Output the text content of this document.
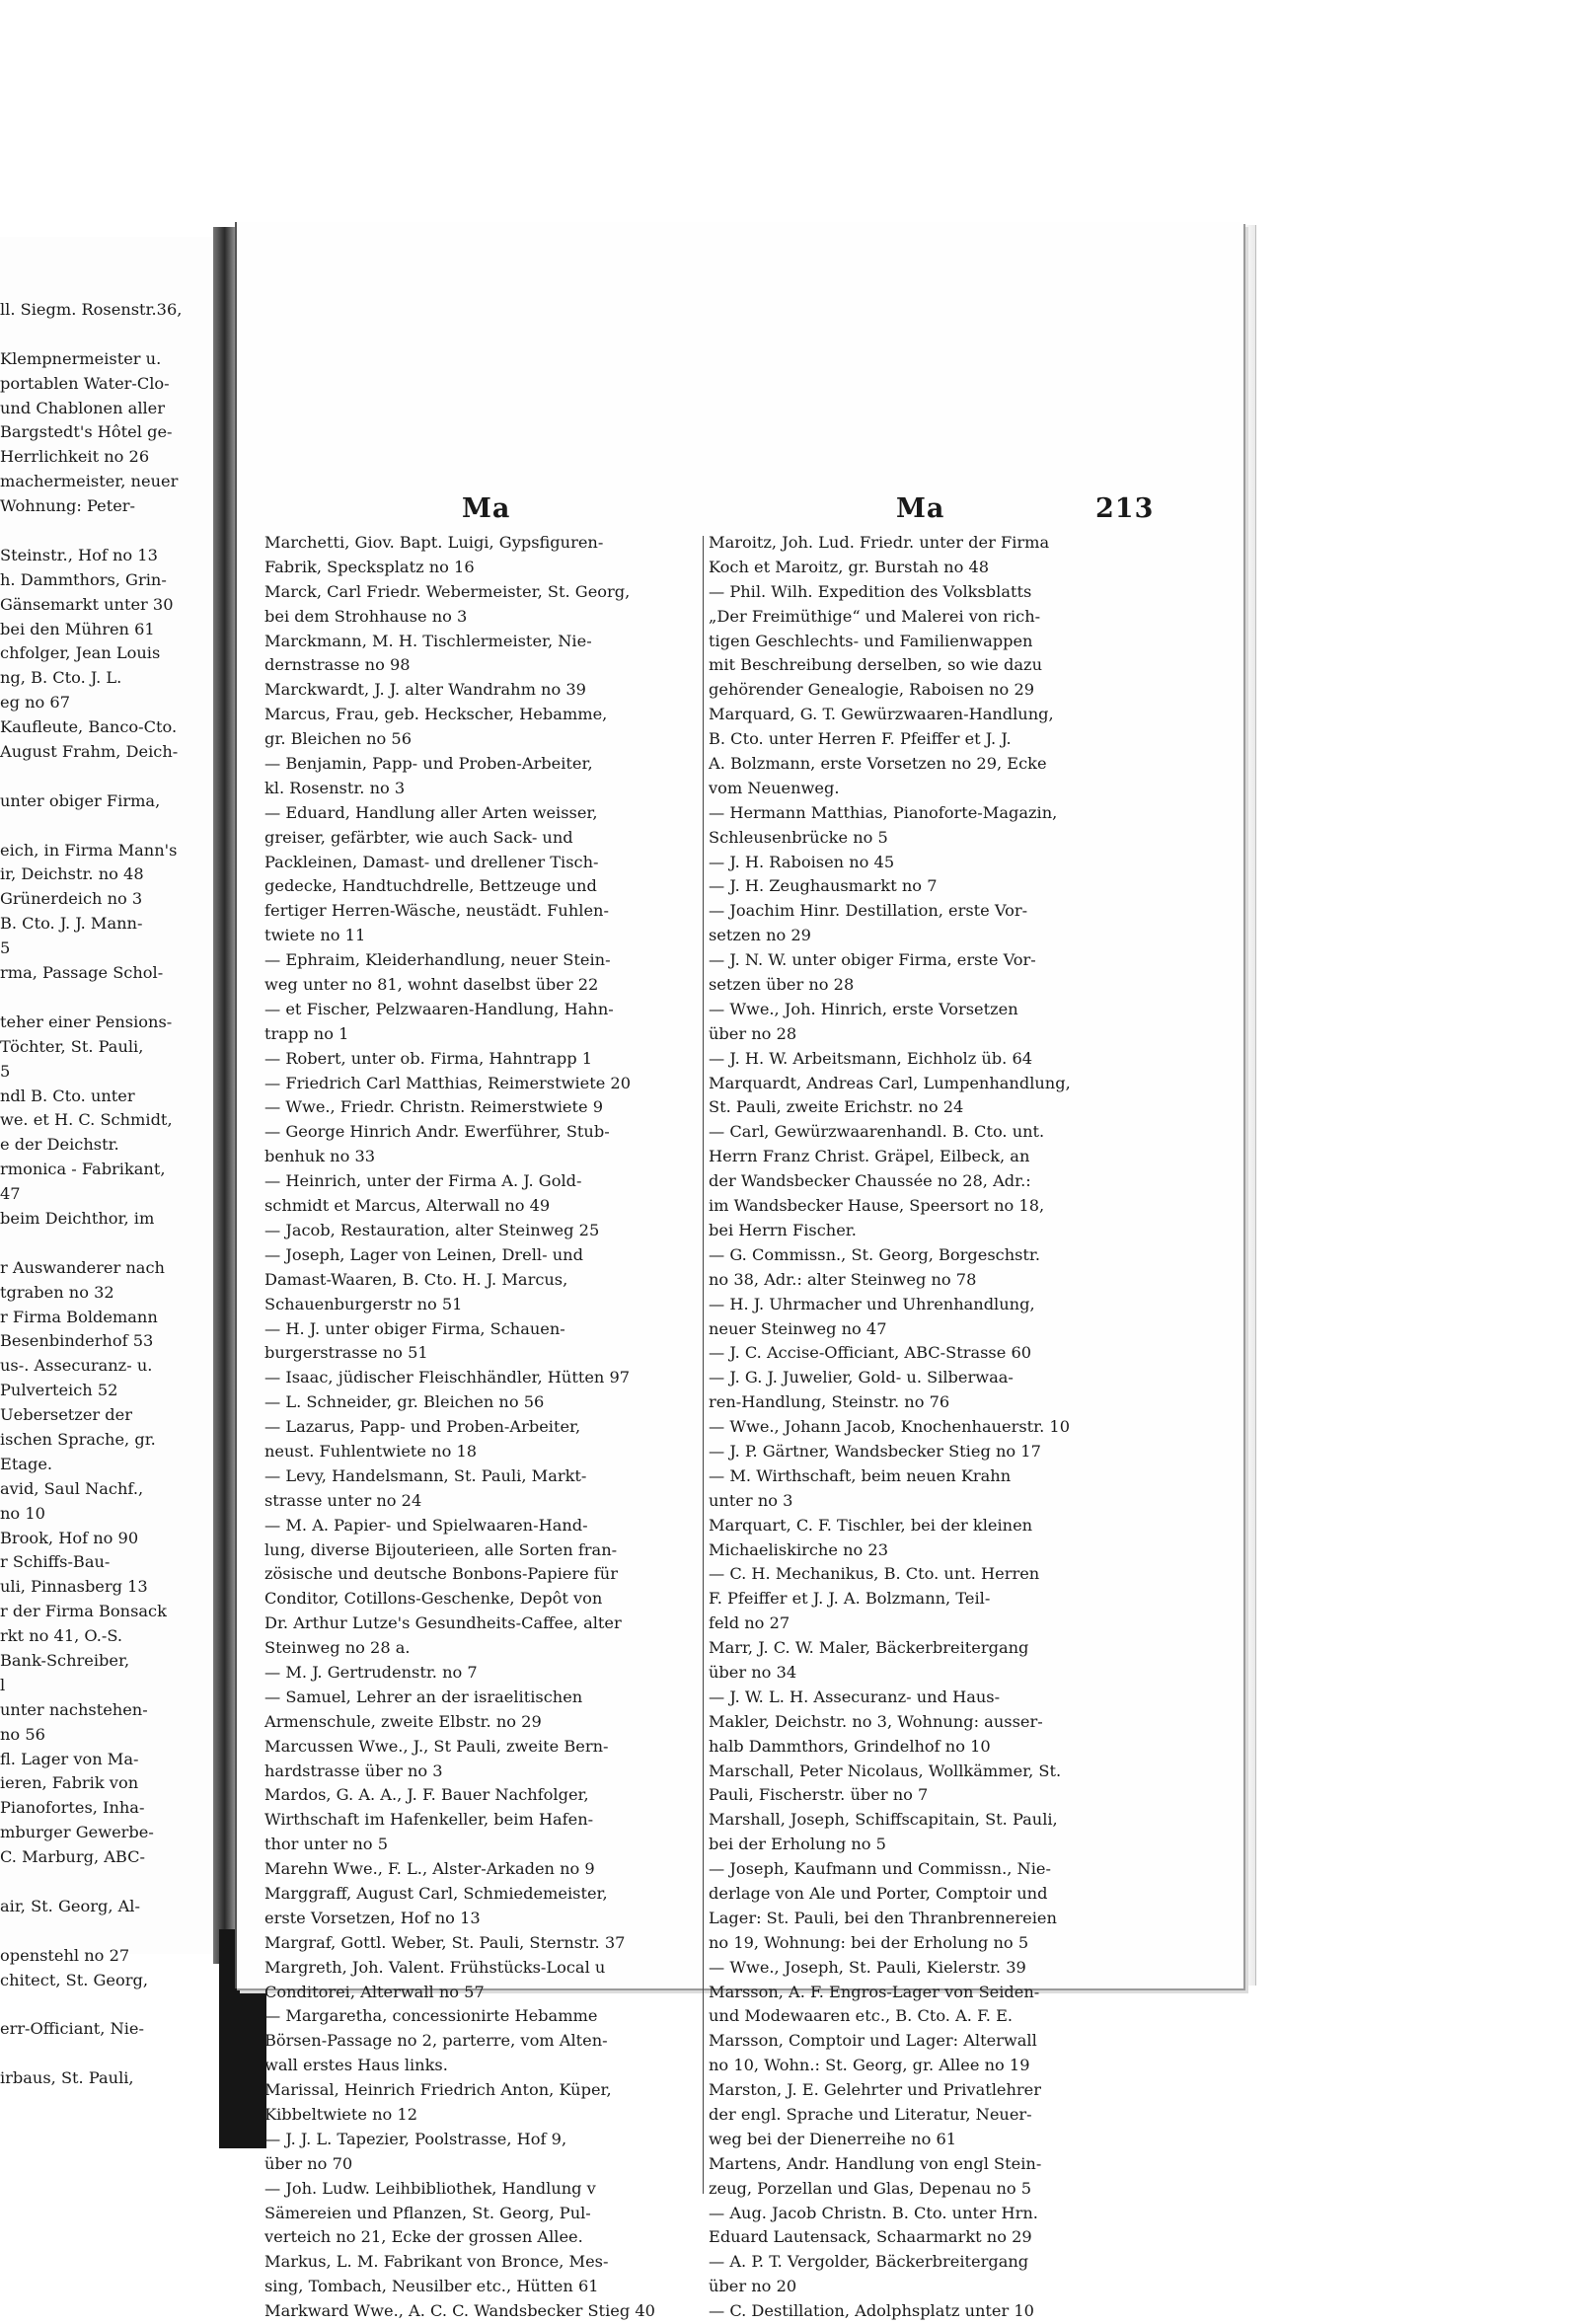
ll. Siegm. Rosenstr.36,
Klempnermeister u.
portablen Water-Clo-
und Chablonen aller
Bargstedt's Hôtel ge-
Herrlichkeit no 26
machermeister, neuer
Wohnung: Peter-
Steinstr., Hof no 13
h. Dammthors, Grin-
Gänsemarkt unter 30
bei den Mühren 61
chfolger, Jean Louis
ng, B. Cto. J. L.
eg no 67
Kaufleute, Banco-Cto.
August Frahm, Deich-
unter obiger Firma,
eich, in Firma Mann's
ir, Deichstr. no 48
Grünerdeich no 3
B. Cto. J. J. Mann-
5
rma, Passage Schol-
teher einer Pensions-
Töchter, St. Pauli,
5
ndl B. Cto. unter
we. et H. C. Schmidt,
e der Deichstr.
rmonica - Fabrikant,
47
beim Deichthor, im
r Auswanderer nach
tgraben no 32
r Firma Boldemann
Besenbinderhof 53
us-. Assecuranz- u.
Pulverteich 52
Uebersetzer der
ischen Sprache, gr.
Etage.
avid, Saul Nachf.,
no 10
Brook, Hof no 90
r Schiffs-Bau-
uli, Pinnasberg 13
r der Firma Bonsack
rkt no 41, O.-S.
Bank-Schreiber,
l
unter nachstehen-
no 56
fl. Lager von Ma-
ieren, Fabrik von
Pianofortes, Inha-
mburger Gewerbe-
C. Marburg, ABC-
air, St. Georg, Al-
openstehl no 27
chitect, St. Georg,
err-Officiant, Nie-
irbaus, St. Pauli,
Ma	Ma	213
Marchetti, Giov. Bapt. Luigi, Gypsfiguren-
Fabrik, Specksplatz no 16
Marck, Carl Friedr. Webermeister, St. Georg,
bei dem Strohhause no 3
Marckmann, M. H. Tischlermeister, Nie-
dernstrasse no 98
Marckwardt, J. J. alter Wandrahm no 39
Marcus, Frau, geb. Heckscher, Hebamme,
gr. Bleichen no 56
— Benjamin, Papp- und Proben-Arbeiter,
kl. Rosenstr. no 3
— Eduard, Handlung aller Arten weisser,
greiser, gefärbter, wie auch Sack- und
Packleinen, Damast- und drellener Tisch-
gedecke, Handtuchdrelle, Bettzeuge und
fertiger Herren-Wäsche, neustädt. Fuhlen-
twiete no 11
— Ephraim, Kleiderhandlung, neuer Stein-
weg unter no 81, wohnt daselbst über 22
— et Fischer, Pelzwaaren-Handlung, Hahn-
trapp no 1
— Robert, unter ob. Firma, Hahntrapp 1
— Friedrich Carl Matthias, Reimerstwiete 20
— Wwe., Friedr. Christn. Reimerstwiete 9
— George Hinrich Andr. Ewerführer, Stub-
benhuk no 33
— Heinrich, unter der Firma A. J. Gold-
schmidt et Marcus, Alterwall no 49
— Jacob, Restauration, alter Steinweg 25
— Joseph, Lager von Leinen, Drell- und
Damast-Waaren, B. Cto. H. J. Marcus,
Schauenburgerstr no 51
— H. J. unter obiger Firma, Schauen-
burgerstrasse no 51
— Isaac, jüdischer Fleischhändler, Hütten 97
— L. Schneider, gr. Bleichen no 56
— Lazarus, Papp- und Proben-Arbeiter,
neust. Fuhlentwiete no 18
— Levy, Handelsmann, St. Pauli, Markt-
strasse unter no 24
— M. A. Papier- und Spielwaaren-Hand-
lung, diverse Bijouterieen, alle Sorten fran-
zösische und deutsche Bonbons-Papiere für
Conditor, Cotillons-Geschenke, Depôt von
Dr. Arthur Lutze's Gesundheits-Caffee, alter
Steinweg no 28 a.
— M. J. Gertrudenstr. no 7
— Samuel, Lehrer an der israelitischen
Armenschule, zweite Elbstr. no 29
Marcussen Wwe., J., St Pauli, zweite Bern-
hardstrasse über no 3
Mardos, G. A. A., J. F. Bauer Nachfolger,
Wirthschaft im Hafenkeller, beim Hafen-
thor unter no 5
Marehn Wwe., F. L., Alster-Arkaden no 9
Marggraff, August Carl, Schmiedemeister,
erste Vorsetzen, Hof no 13
Margraf, Gottl. Weber, St. Pauli, Sternstr. 37
Margreth, Joh. Valent. Frühstücks-Local u
Conditorei, Alterwall no 57
— Margaretha, concessionirte Hebamme
Börsen-Passage no 2, parterre, vom Alten-
wall erstes Haus links.
Marissal, Heinrich Friedrich Anton, Küper,
Kibbeltwiete no 12
— J. J. L. Tapezier, Poolstrasse, Hof 9,
über no 70
— Joh. Ludw. Leihbibliothek, Handlung v
Sämereien und Pflanzen, St. Georg, Pul-
verteich no 21, Ecke der grossen Allee.
Markus, L. M. Fabrikant von Bronce, Mes-
sing, Tombach, Neusilber etc., Hütten 61
Markward Wwe., A. C. C. Wandsbecker Stieg 40
Maroitz, Joh. Lud. Friedr. unter der Firma
Koch et Maroitz, gr. Burstah no 48
— Phil. Wilh. Expedition des Volksblatts
„Der Freimüthige“ und Malerei von rich-
tigen Geschlechts- und Familienwappen
mit Beschreibung derselben, so wie dazu
gehörender Genealogie, Raboisen no 29
Marquard, G. T. Gewürzwaaren-Handlung,
B. Cto. unter Herren F. Pfeiffer et J. J.
A. Bolzmann, erste Vorsetzen no 29, Ecke
vom Neuenweg.
— Hermann Matthias, Pianoforte-Magazin,
Schleusenbrücke no 5
— J. H. Raboisen no 45
— J. H. Zeughausmarkt no 7
— Joachim Hinr. Destillation, erste Vor-
setzen no 29
— J. N. W. unter obiger Firma, erste Vor-
setzen über no 28
— Wwe., Joh. Hinrich, erste Vorsetzen
über no 28
— J. H. W. Arbeitsmann, Eichholz üb. 64
Marquardt, Andreas Carl, Lumpenhandlung,
St. Pauli, zweite Erichstr. no 24
— Carl, Gewürzwaarenhandl. B. Cto. unt.
Herrn Franz Christ. Gräpel, Eilbeck, an
der Wandsbecker Chaussée no 28, Adr.:
im Wandsbecker Hause, Speersort no 18,
bei Herrn Fischer.
— G. Commissn., St. Georg, Borgeschstr.
no 38, Adr.: alter Steinweg no 78
— H. J. Uhrmacher und Uhrenhandlung,
neuer Steinweg no 47
— J. C. Accise-Officiant, ABC-Strasse 60
— J. G. J. Juwelier, Gold- u. Silberwaa-
ren-Handlung, Steinstr. no 76
— Wwe., Johann Jacob, Knochenhauerstr. 10
— J. P. Gärtner, Wandsbecker Stieg no 17
— M. Wirthschaft, beim neuen Krahn
unter no 3
Marquart, C. F. Tischler, bei der kleinen
Michaeliskirche no 23
— C. H. Mechanikus, B. Cto. unt. Herren
F. Pfeiffer et J. J. A. Bolzmann, Teil-
feld no 27
Marr, J. C. W. Maler, Bäckerbreitergang
über no 34
— J. W. L. H. Assecuranz- und Haus-
Makler, Deichstr. no 3, Wohnung: ausser-
halb Dammthors, Grindelhof no 10
Marschall, Peter Nicolaus, Wollkämmer, St.
Pauli, Fischerstr. über no 7
Marshall, Joseph, Schiffscapitain, St. Pauli,
bei der Erholung no 5
— Joseph, Kaufmann und Commissn., Nie-
derlage von Ale und Porter, Comptoir und
Lager: St. Pauli, bei den Thranbrennereien
no 19, Wohnung: bei der Erholung no 5
— Wwe., Joseph, St. Pauli, Kielerstr. 39
Marsson, A. F. Engros-Lager von Seiden-
und Modewaaren etc., B. Cto. A. F. E.
Marsson, Comptoir und Lager: Alterwall
no 10, Wohn.: St. Georg, gr. Allee no 19
Marston, J. E. Gelehrter und Privatlehrer
der engl. Sprache und Literatur, Neuer-
weg bei der Dienerreihe no 61
Martens, Andr. Handlung von engl Stein-
zeug, Porzellan und Glas, Depenau no 5
— Aug. Jacob Christn. B. Cto. unter Hrn.
Eduard Lautensack, Schaarmarkt no 29
— A. P. T. Vergolder, Bäckerbreitergang
über no 20
— C. Destillation, Adolphsplatz unter 10
